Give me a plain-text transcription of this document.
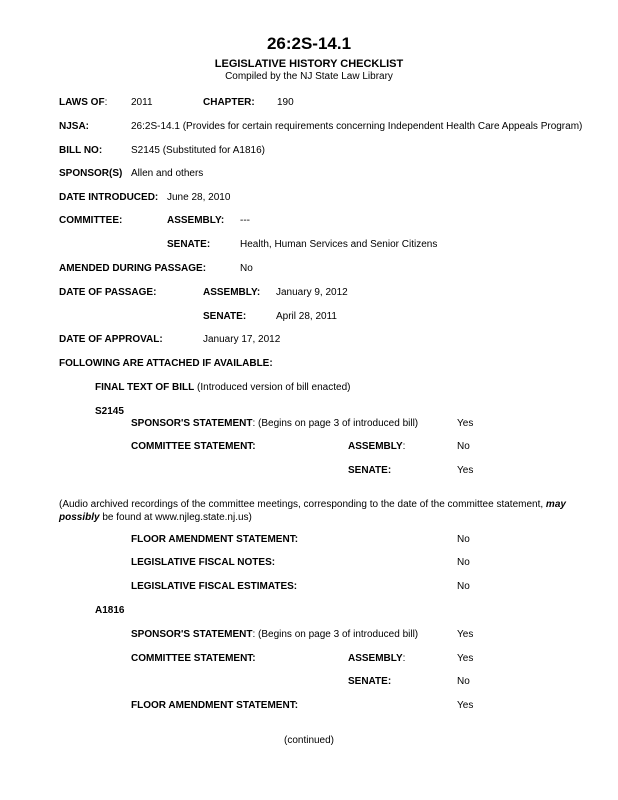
26:2S-14.1
LEGISLATIVE HISTORY CHECKLIST
Compiled by the NJ State Law Library
LAWS OF: 2011	CHAPTER: 190
NJSA:	26:2S-14.1 (Provides for certain requirements concerning Independent Health Care Appeals Program)
BILL NO:	S2145 (Substituted for A1816)
SPONSOR(S) Allen and others
DATE INTRODUCED: June 28, 2010
COMMITTEE:	ASSEMBLY: ---
SENATE:	Health, Human Services and Senior Citizens
AMENDED DURING PASSAGE:	No
DATE OF PASSAGE:	ASSEMBLY: January 9, 2012
SENATE:	April 28, 2011
DATE OF APPROVAL:	January 17, 2012
FOLLOWING ARE ATTACHED IF AVAILABLE:
FINAL TEXT OF BILL (Introduced version of bill enacted)
S2145
SPONSOR'S STATEMENT: (Begins on page 3 of introduced bill)	Yes
COMMITTEE STATEMENT:	ASSEMBLY:	No
SENATE:	Yes
(Audio archived recordings of the committee meetings, corresponding to the date of the committee statement, may
possibly be found at www.njleg.state.nj.us)
FLOOR AMENDMENT STATEMENT:	No
LEGISLATIVE FISCAL NOTES:	No
LEGISLATIVE FISCAL ESTIMATES:	No
A1816
SPONSOR'S STATEMENT: (Begins on page 3 of introduced bill)	Yes
COMMITTEE STATEMENT:	ASSEMBLY:	Yes
SENATE:	No
FLOOR AMENDMENT STATEMENT:	Yes
(continued)
